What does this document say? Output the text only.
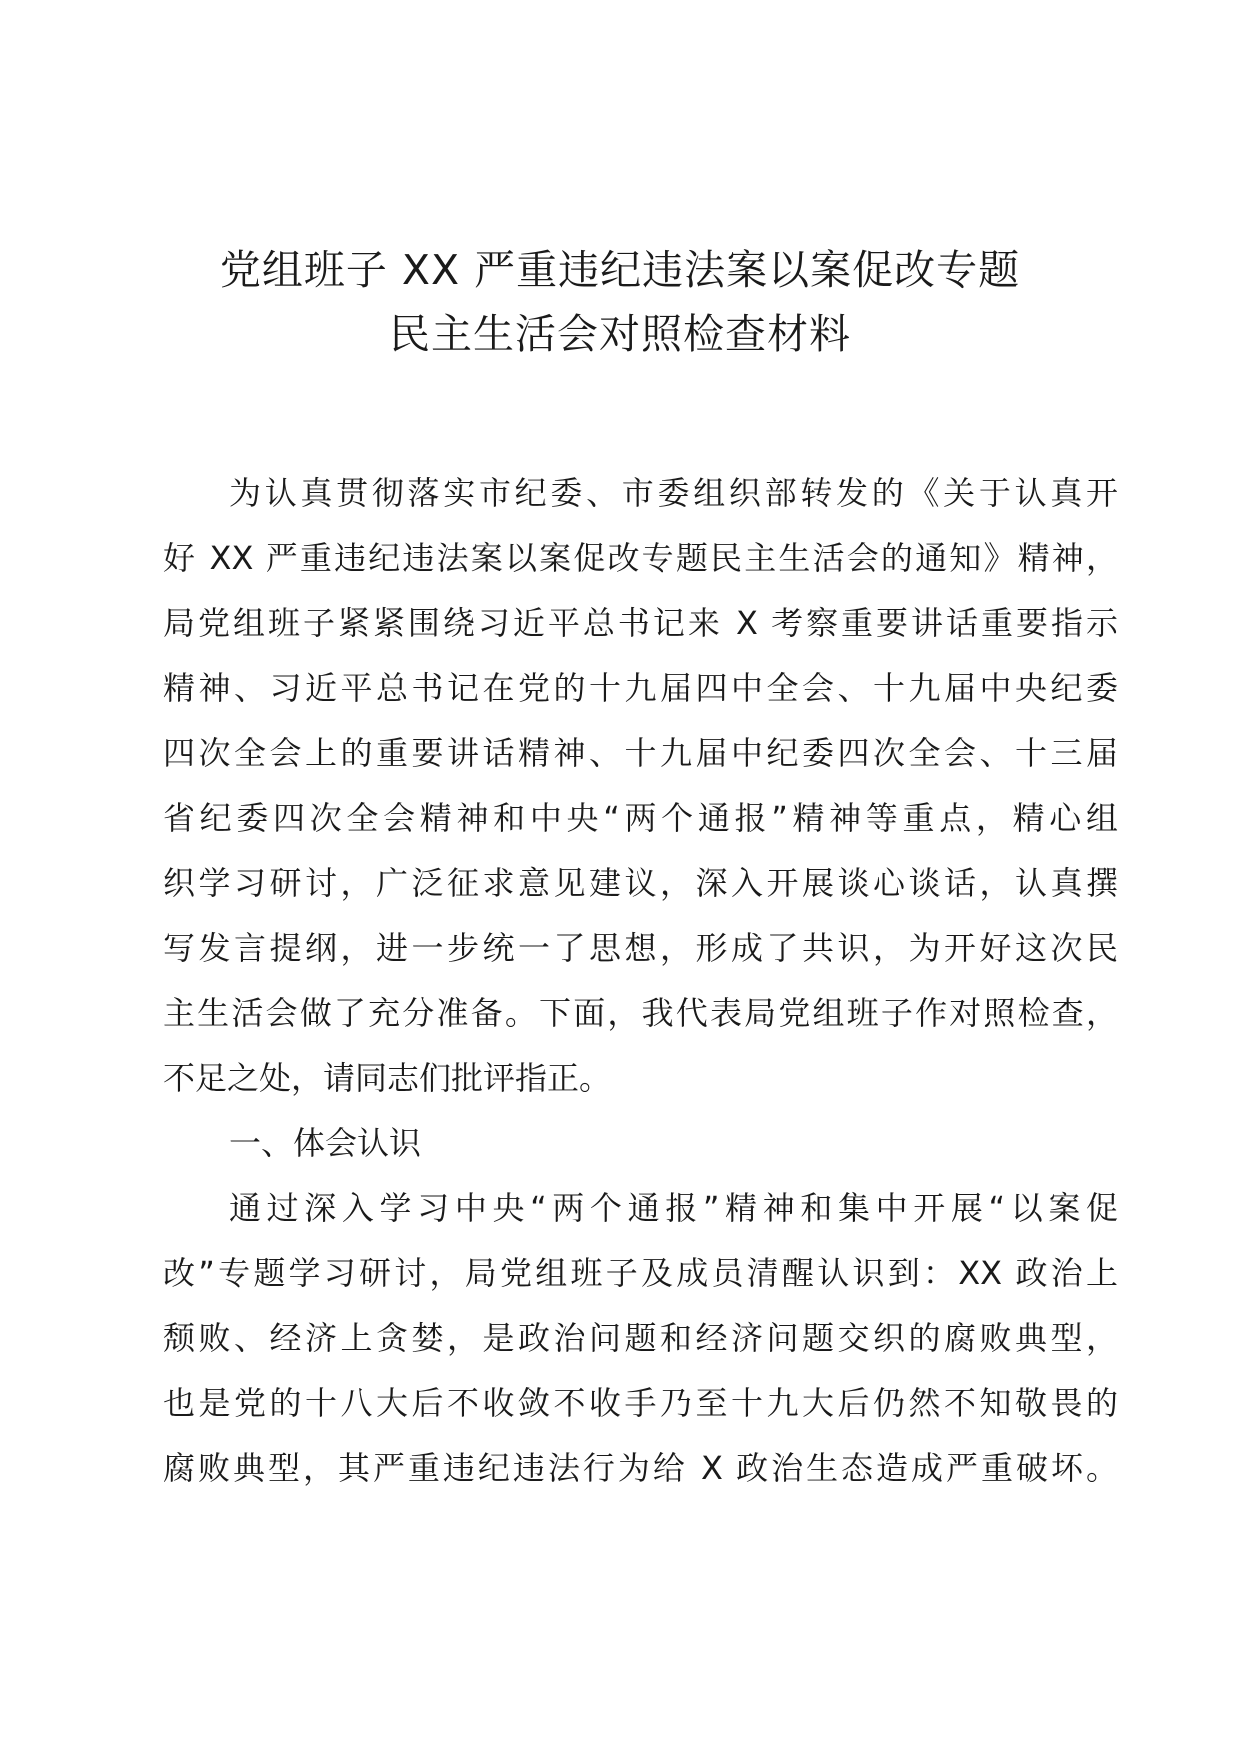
党组班子 XX 严重违纪违法案以案促改专题
民主生活会对照检查材料
为认真贯彻落实市纪委、市委组织部转发的《关于认真开
好 XX 严重违纪违法案以案促改专题民主生活会的通知》精神，
局党组班子紧紧围绕习近平总书记来 X 考察重要讲话重要指示
精神、习近平总书记在党的十九届四中全会、十九届中央纪委
四次全会上的重要讲话精神、十九届中纪委四次全会、十三届
省纪委四次全会精神和中央“两个通报”精神等重点，精心组
织学习研讨，广泛征求意见建议，深入开展谈心谈话，认真撰
写发言提纲，进一步统一了思想，形成了共识，为开好这次民
主生活会做了充分准备。下面，我代表局党组班子作对照检查，
不足之处，请同志们批评指正。
一、体会认识
通过深入学习中央“两个通报”精神和集中开展“以案促
改”专题学习研讨，局党组班子及成员清醒认识到：XX 政治上
颓败、经济上贪婪，是政治问题和经济问题交织的腐败典型，
也是党的十八大后不收敛不收手乃至十九大后仍然不知敬畏的
腐败典型，其严重违纪违法行为给 X 政治生态造成严重破坏。
